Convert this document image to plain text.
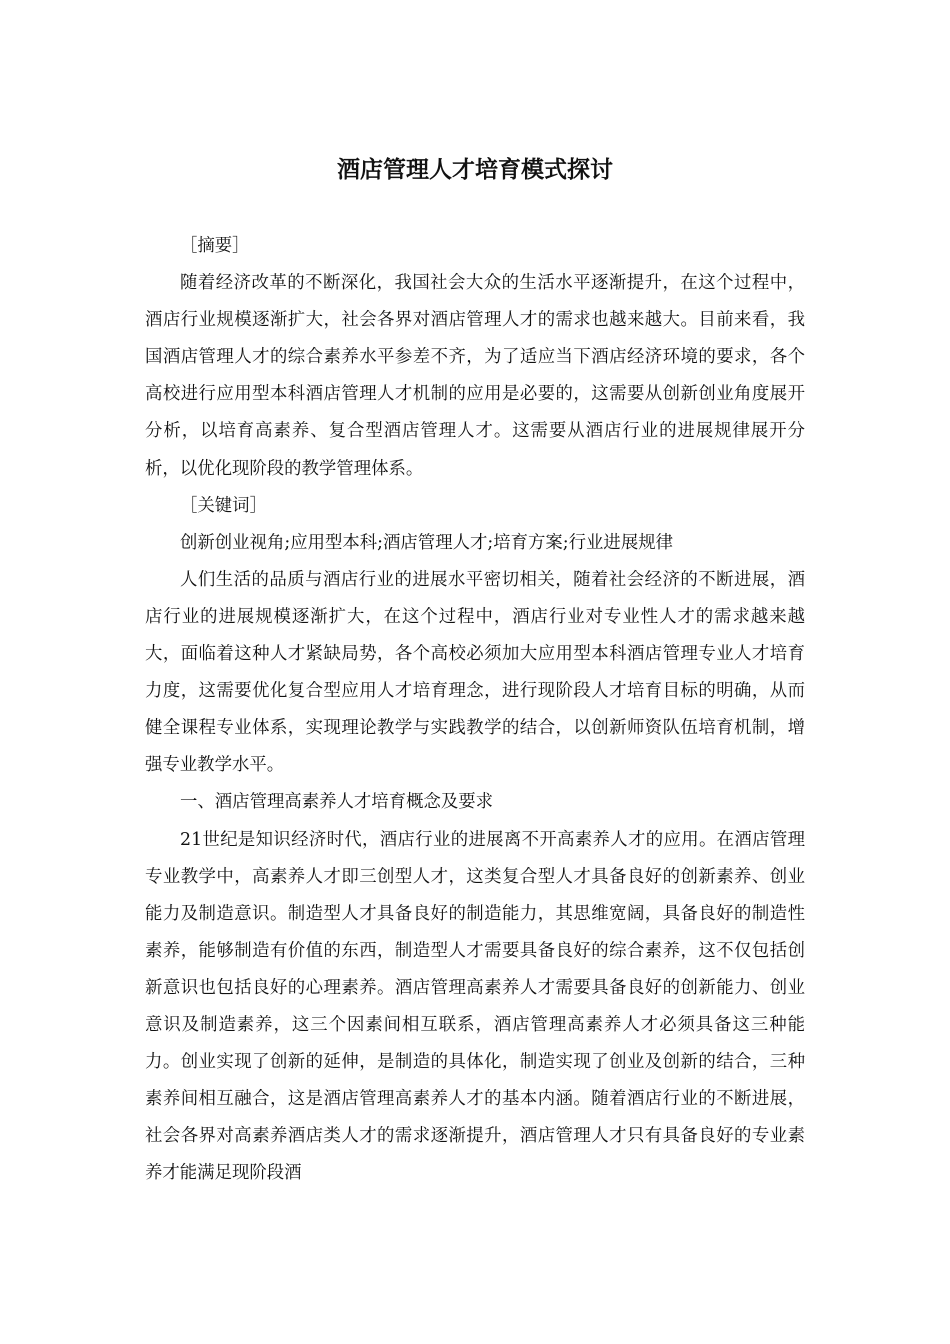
酒店管理人才培育模式探讨

［摘要］

随着经济改革的不断深化，我国社会大众的生活水平逐渐提升，在这个过程中，酒店行业规模逐渐扩大，社会各界对酒店管理人才的需求也越来越大。目前来看，我国酒店管理人才的综合素养水平参差不齐，为了适应当下酒店经济环境的要求，各个高校进行应用型本科酒店管理人才机制的应用是必要的，这需要从创新创业角度展开分析，以培育高素养、复合型酒店管理人才。这需要从酒店行业的进展规律展开分析，以优化现阶段的教学管理体系。

［关键词］

创新创业视角;应用型本科;酒店管理人才;培育方案;行业进展规律

人们生活的品质与酒店行业的进展水平密切相关，随着社会经济的不断进展，酒店行业的进展规模逐渐扩大，在这个过程中，酒店行业对专业性人才的需求越来越大，面临着这种人才紧缺局势，各个高校必须加大应用型本科酒店管理专业人才培育力度，这需要优化复合型应用人才培育理念，进行现阶段人才培育目标的明确，从而健全课程专业体系，实现理论教学与实践教学的结合，以创新师资队伍培育机制，增强专业教学水平。

一、酒店管理高素养人才培育概念及要求

21世纪是知识经济时代，酒店行业的进展离不开高素养人才的应用。在酒店管理专业教学中，高素养人才即三创型人才，这类复合型人才具备良好的创新素养、创业能力及制造意识。制造型人才具备良好的制造能力，其思维宽阔，具备良好的制造性素养，能够制造有价值的东西，制造型人才需要具备良好的综合素养，这不仅包括创新意识也包括良好的心理素养。酒店管理高素养人才需要具备良好的创新能力、创业意识及制造素养，这三个因素间相互联系，酒店管理高素养人才必须具备这三种能力。创业实现了创新的延伸，是制造的具体化，制造实现了创业及创新的结合，三种素养间相互融合，这是酒店管理高素养人才的基本内涵。随着酒店行业的不断进展，社会各界对高素养酒店类人才的需求逐渐提升，酒店管理人才只有具备良好的专业素养才能满足现阶段酒
